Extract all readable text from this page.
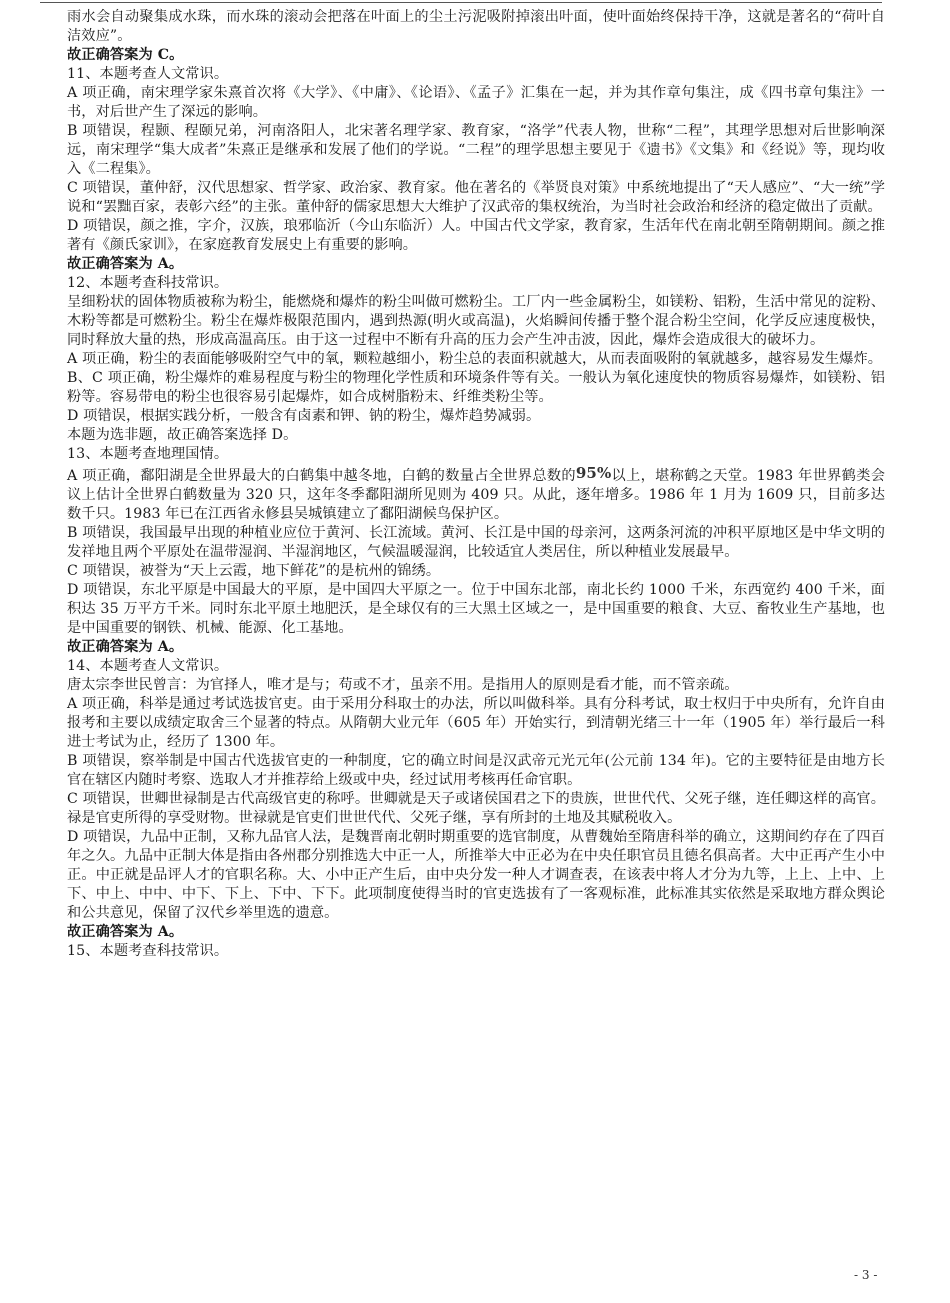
雨水会自动聚集成水珠，而水珠的滚动会把落在叶面上的尘土污泥吸附掉滚出叶面，使叶面始终保持干净，这就是著名的“荷叶自洁效应”。

故正确答案为 C。

11、本题考查人文常识。

A 项正确，南宋理学家朱熹首次将《大学》、《中庸》、《论语》、《孟子》汇集在一起，并为其作章句集注，成《四书章句集注》一书，对后世产生了深远的影响。

B 项错误，程颢、程颐兄弟，河南洛阳人，北宋著名理学家、教育家，“洛学”代表人物，世称“二程”，其理学思想对后世影响深远，南宋理学“集大成者”朱熹正是继承和发展了他们的学说。“二程”的理学思想主要见于《遗书》《文集》和《经说》等，现均收入《二程集》。

C 项错误，董仲舒，汉代思想家、哲学家、政治家、教育家。他在著名的《举贤良对策》中系统地提出了“天人感应”、“大一统”学说和“罢黜百家，表彰六经”的主张。董仲舒的儒家思想大大维护了汉武帝的集权统治，为当时社会政治和经济的稳定做出了贡献。

D 项错误，颜之推，字介，汉族，琅邪临沂（今山东临沂）人。中国古代文学家，教育家，生活年代在南北朝至隋朝期间。颜之推著有《颜氏家训》，在家庭教育发展史上有重要的影响。

故正确答案为 A。

12、本题考查科技常识。

呈细粉状的固体物质被称为粉尘，能燃烧和爆炸的粉尘叫做可燃粉尘。工厂内一些金属粉尘，如镁粉、铝粉，生活中常见的淀粉、木粉等都是可燃粉尘。粉尘在爆炸极限范围内，遇到热源(明火或高温)，火焰瞬间传播于整个混合粉尘空间，化学反应速度极快，同时释放大量的热，形成高温高压。由于这一过程中不断有升高的压力会产生冲击波，因此，爆炸会造成很大的破坏力。

A 项正确，粉尘的表面能够吸附空气中的氧，颗粒越细小，粉尘总的表面积就越大，从而表面吸附的氧就越多，越容易发生爆炸。

B、C 项正确，粉尘爆炸的难易程度与粉尘的物理化学性质和环境条件等有关。一般认为氧化速度快的物质容易爆炸，如镁粉、铝粉等。容易带电的粉尘也很容易引起爆炸，如合成树脂粉末、纤维类粉尘等。

D 项错误，根据实践分析，一般含有卤素和钾、钠的粉尘，爆炸趋势减弱。

本题为选非题，故正确答案选择 D。

13、本题考查地理国情。

A 项正确，鄱阳湖是全世界最大的白鹤集中越冬地，白鹤的数量占全世界总数的95%以上，堪称鹤之天堂。1983 年世界鹤类会议上估计全世界白鹤数量为 320 只，这年冬季鄱阳湖所见则为 409 只。从此，逐年增多。1986 年 1 月为 1609 只，目前多达数千只。1983 年已在江西省永修县吴城镇建立了鄱阳湖候鸟保护区。

B 项错误，我国最早出现的种植业应位于黄河、长江流域。黄河、长江是中国的母亲河，这两条河流的冲积平原地区是中华文明的发祥地且两个平原处在温带湿润、半湿润地区，气候温暖湿润，比较适宜人类居住，所以种植业发展最早。

C 项错误，被誉为“天上云霞，地下鲜花”的是杭州的锦绣。

D 项错误，东北平原是中国最大的平原，是中国四大平原之一。位于中国东北部，南北长约 1000 千米，东西宽约 400 千米，面积达 35 万平方千米。同时东北平原土地肥沃，是全球仅有的三大黑土区域之一，是中国重要的粮食、大豆、畜牧业生产基地，也是中国重要的钢铁、机械、能源、化工基地。

故正确答案为 A。

14、本题考查人文常识。

唐太宗李世民曾言：为官择人，唯才是与；苟或不才，虽亲不用。是指用人的原则是看才能，而不管亲疏。

A 项正确，科举是通过考试选拔官吏。由于采用分科取士的办法，所以叫做科举。具有分科考试，取士权归于中央所有，允许自由报考和主要以成绩定取舍三个显著的特点。从隋朝大业元年（605 年）开始实行，到清朝光绪三十一年（1905 年）举行最后一科进士考试为止，经历了 1300 年。

B 项错误，察举制是中国古代选拔官吏的一种制度，它的确立时间是汉武帝元光元年(公元前 134 年)。它的主要特征是由地方长官在辖区内随时考察、选取人才并推荐给上级或中央，经过试用考核再任命官职。

C 项错误，世卿世禄制是古代高级官吏的称呼。世卿就是天子或诸侯国君之下的贵族，世世代代、父死子继，连任卿这样的高官。禄是官吏所得的享受财物。世禄就是官吏们世世代代、父死子继，享有所封的土地及其赋税收入。

D 项错误，九品中正制，又称九品官人法，是魏晋南北朝时期重要的选官制度，从曹魏始至隋唐科举的确立，这期间约存在了四百年之久。九品中正制大体是指由各州郡分别推选大中正一人，所推举大中正必为在中央任职官员且德名俱高者。大中正再产生小中正。中正就是品评人才的官职名称。大、小中正产生后，由中央分发一种人才调查表，在该表中将人才分为九等，上上、上中、上下、中上、中中、中下、下上、下中、下下。此项制度使得当时的官吏选拔有了一客观标准，此标准其实依然是采取地方群众舆论和公共意见，保留了汉代乡举里选的遗意。

故正确答案为 A。

15、本题考查科技常识。

- 3 -
